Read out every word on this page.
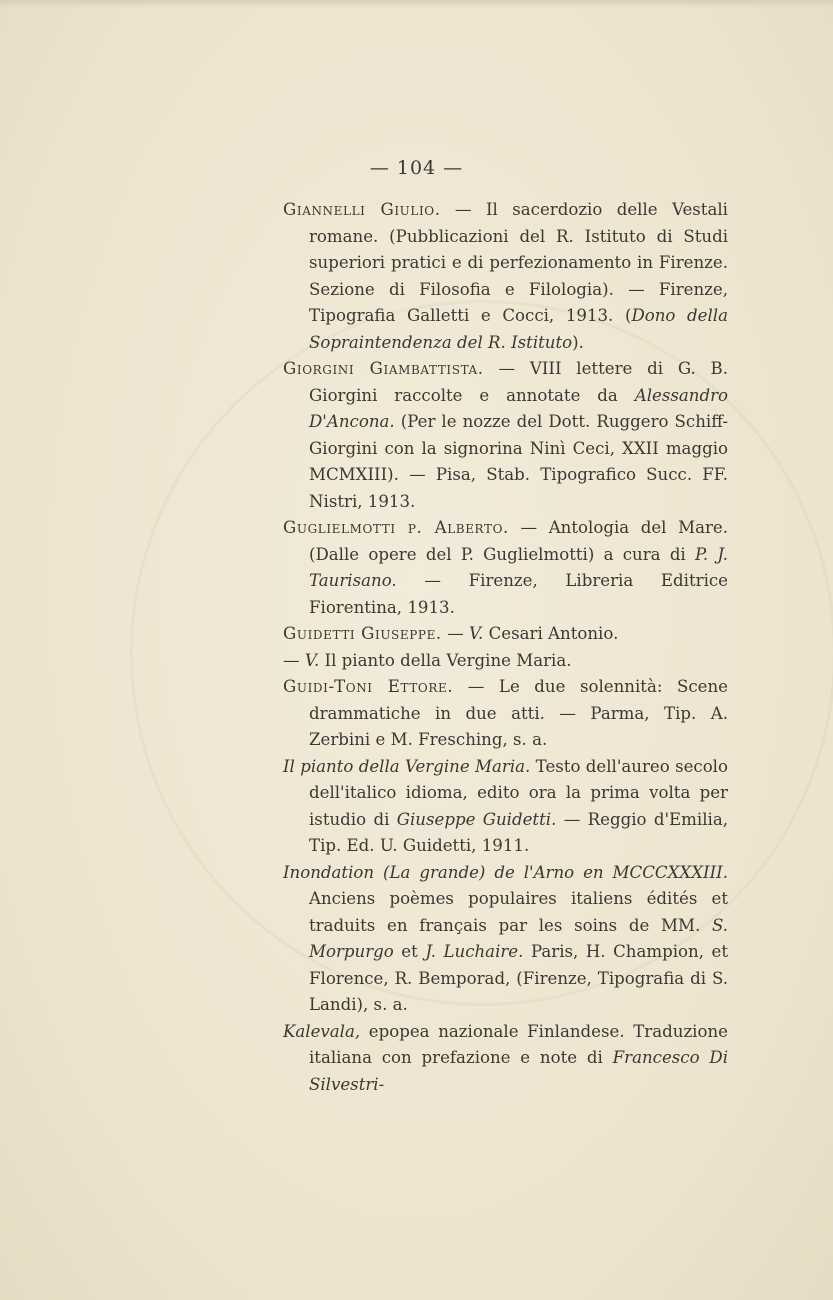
— 104 —
Giannelli Giulio. — Il sacerdozio delle Vestali romane. (Pubblicazioni del R. Istituto di Studi superiori pratici e di perfezionamento in Firenze. Sezione di Filosofia e Filologia). — Firenze, Tipografia Galletti e Cocci, 1913. (Dono della Sopraintendenza del R. Istituto).
Giorgini Giambattista. — VIII lettere di G. B. Giorgini raccolte e annotate da Alessandro D'Ancona. (Per le nozze del Dott. Ruggero Schiff-Giorgini con la signorina Ninì Ceci, XXII maggio MCMXIII). — Pisa, Stab. Tipografico Succ. FF. Nistri, 1913.
Guglielmotti p. Alberto. — Antologia del Mare. (Dalle opere del P. Guglielmotti) a cura di P. J. Taurisano. — Firenze, Libreria Editrice Fiorentina, 1913.
Guidetti Giuseppe. — V. Cesari Antonio.
— V. Il pianto della Vergine Maria.
Guidi-Toni Ettore. — Le due solennità: Scene drammatiche in due atti. — Parma, Tip. A. Zerbini e M. Fresching, s. a.
Il pianto della Vergine Maria. Testo dell'aureo secolo dell'italico idioma, edito ora la prima volta per istudio di Giuseppe Guidetti. — Reggio d'Emilia, Tip. Ed. U. Guidetti, 1911.
Inondation (La grande) de l'Arno en MCCCXXXIII. Anciens poèmes populaires italiens édités et traduits en français par les soins de MM. S. Morpurgo et J. Luchaire. Paris, H. Champion, et Florence, R. Bemporad, (Firenze, Tipografia di S. Landi), s. a.
Kalevala, epopea nazionale Finlandese. Traduzione italiana con prefazione e note di Francesco Di Silvestri-
